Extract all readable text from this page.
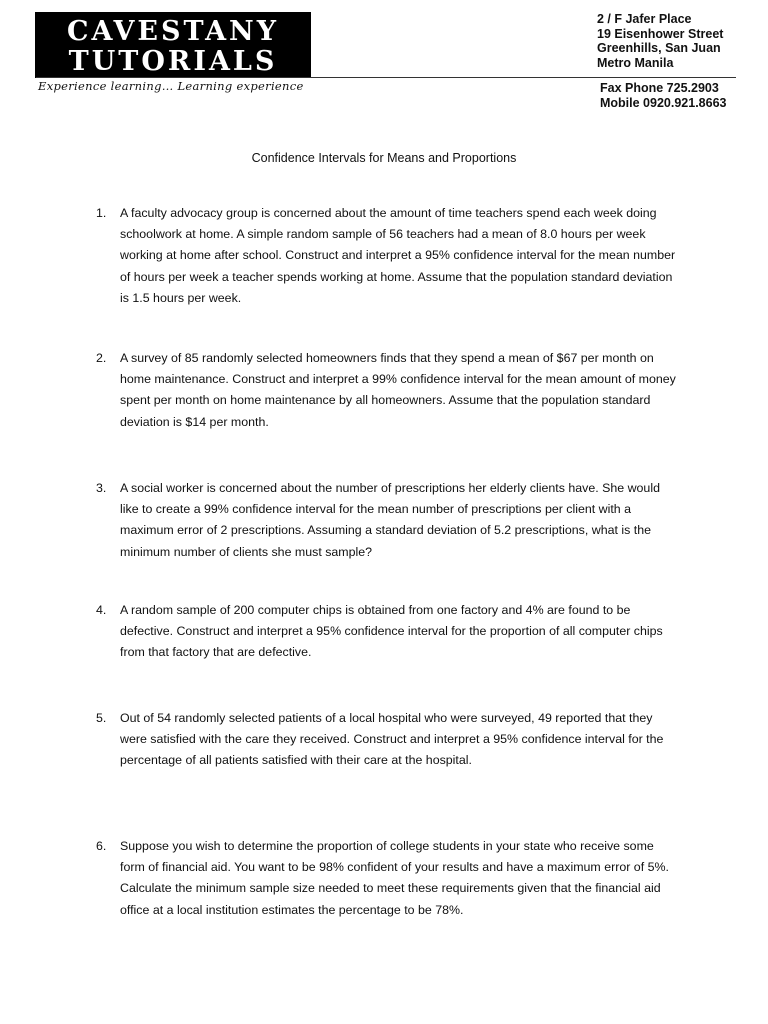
CAVESTANY
TUTORIALS
Experience learning… Learning experience
2 / F Jafer Place
19 Eisenhower Street
Greenhills, San Juan
Metro Manila
Fax Phone 725.2903
Mobile 0920.921.8663
Confidence Intervals for Means and Proportions
1.	A faculty advocacy group is concerned about the amount of time teachers spend each week doing schoolwork at home. A simple random sample of 56 teachers had a mean of 8.0 hours per week working at home after school. Construct and interpret a 95% confidence interval for the mean number of hours per week a teacher spends working at home. Assume that the population standard deviation is 1.5 hours per week.
2.	A survey of 85 randomly selected homeowners finds that they spend a mean of $67 per month on home maintenance. Construct and interpret a 99% confidence interval for the mean amount of money spent per month on home maintenance by all homeowners. Assume that the population standard deviation is $14 per month.
3.	A social worker is concerned about the number of prescriptions her elderly clients have. She would like to create a 99% confidence interval for the mean number of prescriptions per client with a maximum error of 2 prescriptions. Assuming a standard deviation of 5.2 prescriptions, what is the minimum number of clients she must sample?
4.	A random sample of 200 computer chips is obtained from one factory and 4% are found to be defective. Construct and interpret a 95% confidence interval for the proportion of all computer chips from that factory that are defective.
5.	Out of 54 randomly selected patients of a local hospital who were surveyed, 49 reported that they were satisfied with the care they received. Construct and interpret a 95% confidence interval for the percentage of all patients satisfied with their care at the hospital.
6.	Suppose you wish to determine the proportion of college students in your state who receive some form of financial aid. You want to be 98% confident of your results and have a maximum error of 5%. Calculate the minimum sample size needed to meet these requirements given that the financial aid office at a local institution estimates the percentage to be 78%.
